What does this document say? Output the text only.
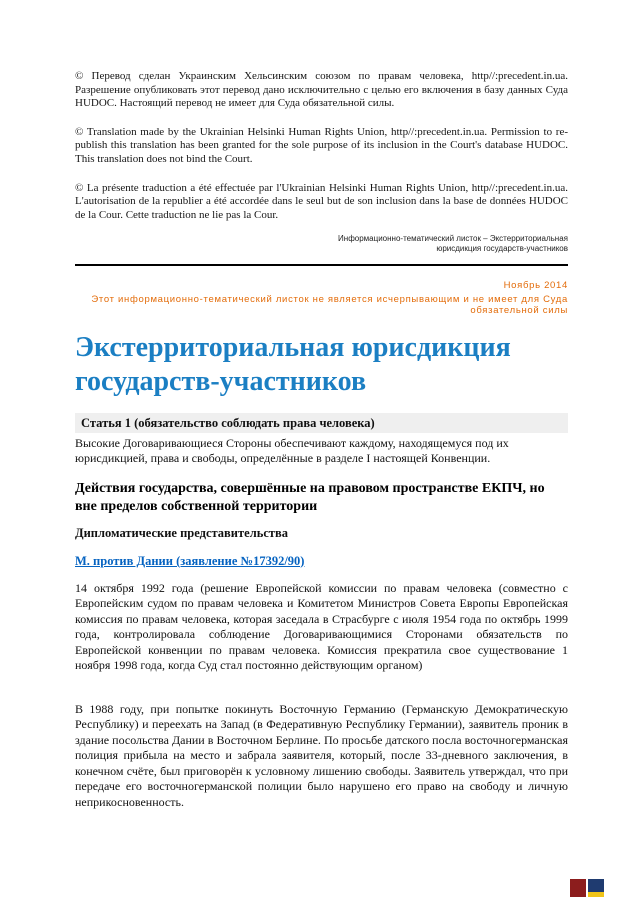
© Перевод сделан Украинским Хельсинским союзом по правам человека, http//:precedent.in.ua. Разрешение опубликовать этот перевод дано исключительно с целью его включения в базу данных Суда HUDOC. Настоящий перевод не имеет для Суда обязательной силы.

© Translation made by the Ukrainian Helsinki Human Rights Union, http//:precedent.in.ua. Permission to re-publish this translation has been granted for the sole purpose of its inclusion in the Court's database HUDOC. This translation does not bind the Court.

© La présente traduction a été effectuée par l'Ukrainian Helsinki Human Rights Union, http//:precedent.in.ua. L'autorisation de la republier a été accordée dans le seul but de son inclusion dans la base de données HUDOC de la Cour. Cette traduction ne lie pas la Cour.

Информационно-тематический листок – Экстерриториальная юрисдикция государств-участников
Ноябрь 2014
Этот информационно-тематический листок не является исчерпывающим и не имеет для Суда обязательной силы
Экстерриториальная юрисдикция государств-участников
Статья 1 (обязательство соблюдать права человека)
Высокие Договаривающиеся Стороны обеспечивают каждому, находящемуся под их юрисдикцией, права и свободы, определённые в разделе I настоящей Конвенции.
Действия государства, совершённые на правовом пространстве ЕКПЧ, но вне пределов собственной территории
Дипломатические представительства
М. против Дании (заявление №17392/90)

14 октября 1992 года (решение Европейской комиссии по правам человека (совместно с Европейским судом по правам человека и Комитетом Министров Совета Европы Европейская комиссия по правам человека, которая заседала в Страсбурге с июля 1954 года по октябрь 1999 года, контролировала соблюдение Договаривающимися Сторонами обязательств по Европейской конвенции по правам человека. Комиссия прекратила свое существование 1 ноября 1998 года, когда Суд стал постоянно действующим органом)

В 1988 году, при попытке покинуть Восточную Германию (Германскую Демократическую Республику) и переехать на Запад (в Федеративную Республику Германии), заявитель проник в здание посольства Дании в Восточном Берлине. По просьбе датского посла восточногерманская полиция прибыла на место и забрала заявителя, который, после 33-дневного заключения, в конечном счёте, был приговорён к условному лишению свободы. Заявитель утверждал, что при передаче его восточногерманской полиции было нарушено его право на свободу и личную неприкосновенность.
